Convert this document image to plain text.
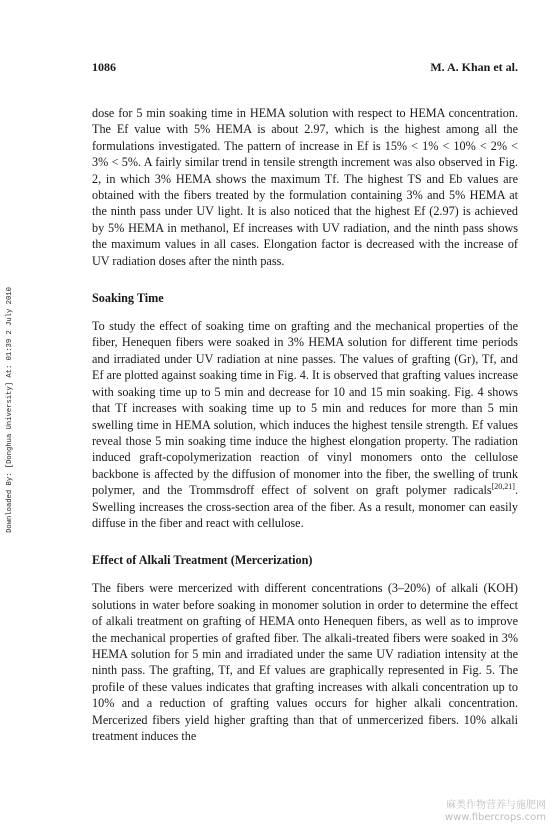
Downloaded By: [Donghua University] At: 01:39 2 July 2010
1086	M. A. Khan et al.

dose for 5 min soaking time in HEMA solution with respect to HEMA concentration. The Ef value with 5% HEMA is about 2.97, which is the highest among all the formulations investigated. The pattern of increase in Ef is 15% < 1% < 10% < 2% < 3% < 5%. A fairly similar trend in tensile strength increment was also observed in Fig. 2, in which 3% HEMA shows the maximum Tf. The highest TS and Eb values are obtained with the fibers treated by the formulation containing 3% and 5% HEMA at the ninth pass under UV light. It is also noticed that the highest Ef (2.97) is achieved by 5% HEMA in methanol, Ef increases with UV radiation, and the ninth pass shows the maximum values in all cases. Elongation factor is decreased with the increase of UV radiation doses after the ninth pass.

Soaking Time

To study the effect of soaking time on grafting and the mechanical properties of the fiber, Henequen fibers were soaked in 3% HEMA solution for different time periods and irradiated under UV radiation at nine passes. The values of grafting (Gr), Tf, and Ef are plotted against soaking time in Fig. 4. It is observed that grafting values increase with soaking time up to 5 min and decrease for 10 and 15 min soaking. Fig. 4 shows that Tf increases with soaking time up to 5 min and reduces for more than 5 min swelling time in HEMA solution, which induces the highest tensile strength. Ef values reveal those 5 min soaking time induce the highest elongation property. The radiation induced graft-copolymerization reaction of vinyl monomers onto the cellulose backbone is affected by the diffusion of monomer into the fiber, the swelling of trunk polymer, and the Trommsdroff effect of solvent on graft polymer radicals[20,21]. Swelling increases the cross-section area of the fiber. As a result, monomer can easily diffuse in the fiber and react with cellulose.

Effect of Alkali Treatment (Mercerization)

The fibers were mercerized with different concentrations (3–20%) of alkali (KOH) solutions in water before soaking in monomer solution in order to determine the effect of alkali treatment on grafting of HEMA onto Henequen fibers, as well as to improve the mechanical properties of grafted fiber. The alkali-treated fibers were soaked in 3% HEMA solution for 5 min and irradiated under the same UV radiation intensity at the ninth pass. The grafting, Tf, and Ef values are graphically represented in Fig. 5. The profile of these values indicates that grafting increases with alkali concentration up to 10% and a reduction of grafting values occurs for higher alkali concentration. Mercerized fibers yield higher grafting than that of unmercerized fibers. 10% alkali treatment induces the

麻类作物营养与施肥网
www.fibercrops.com
